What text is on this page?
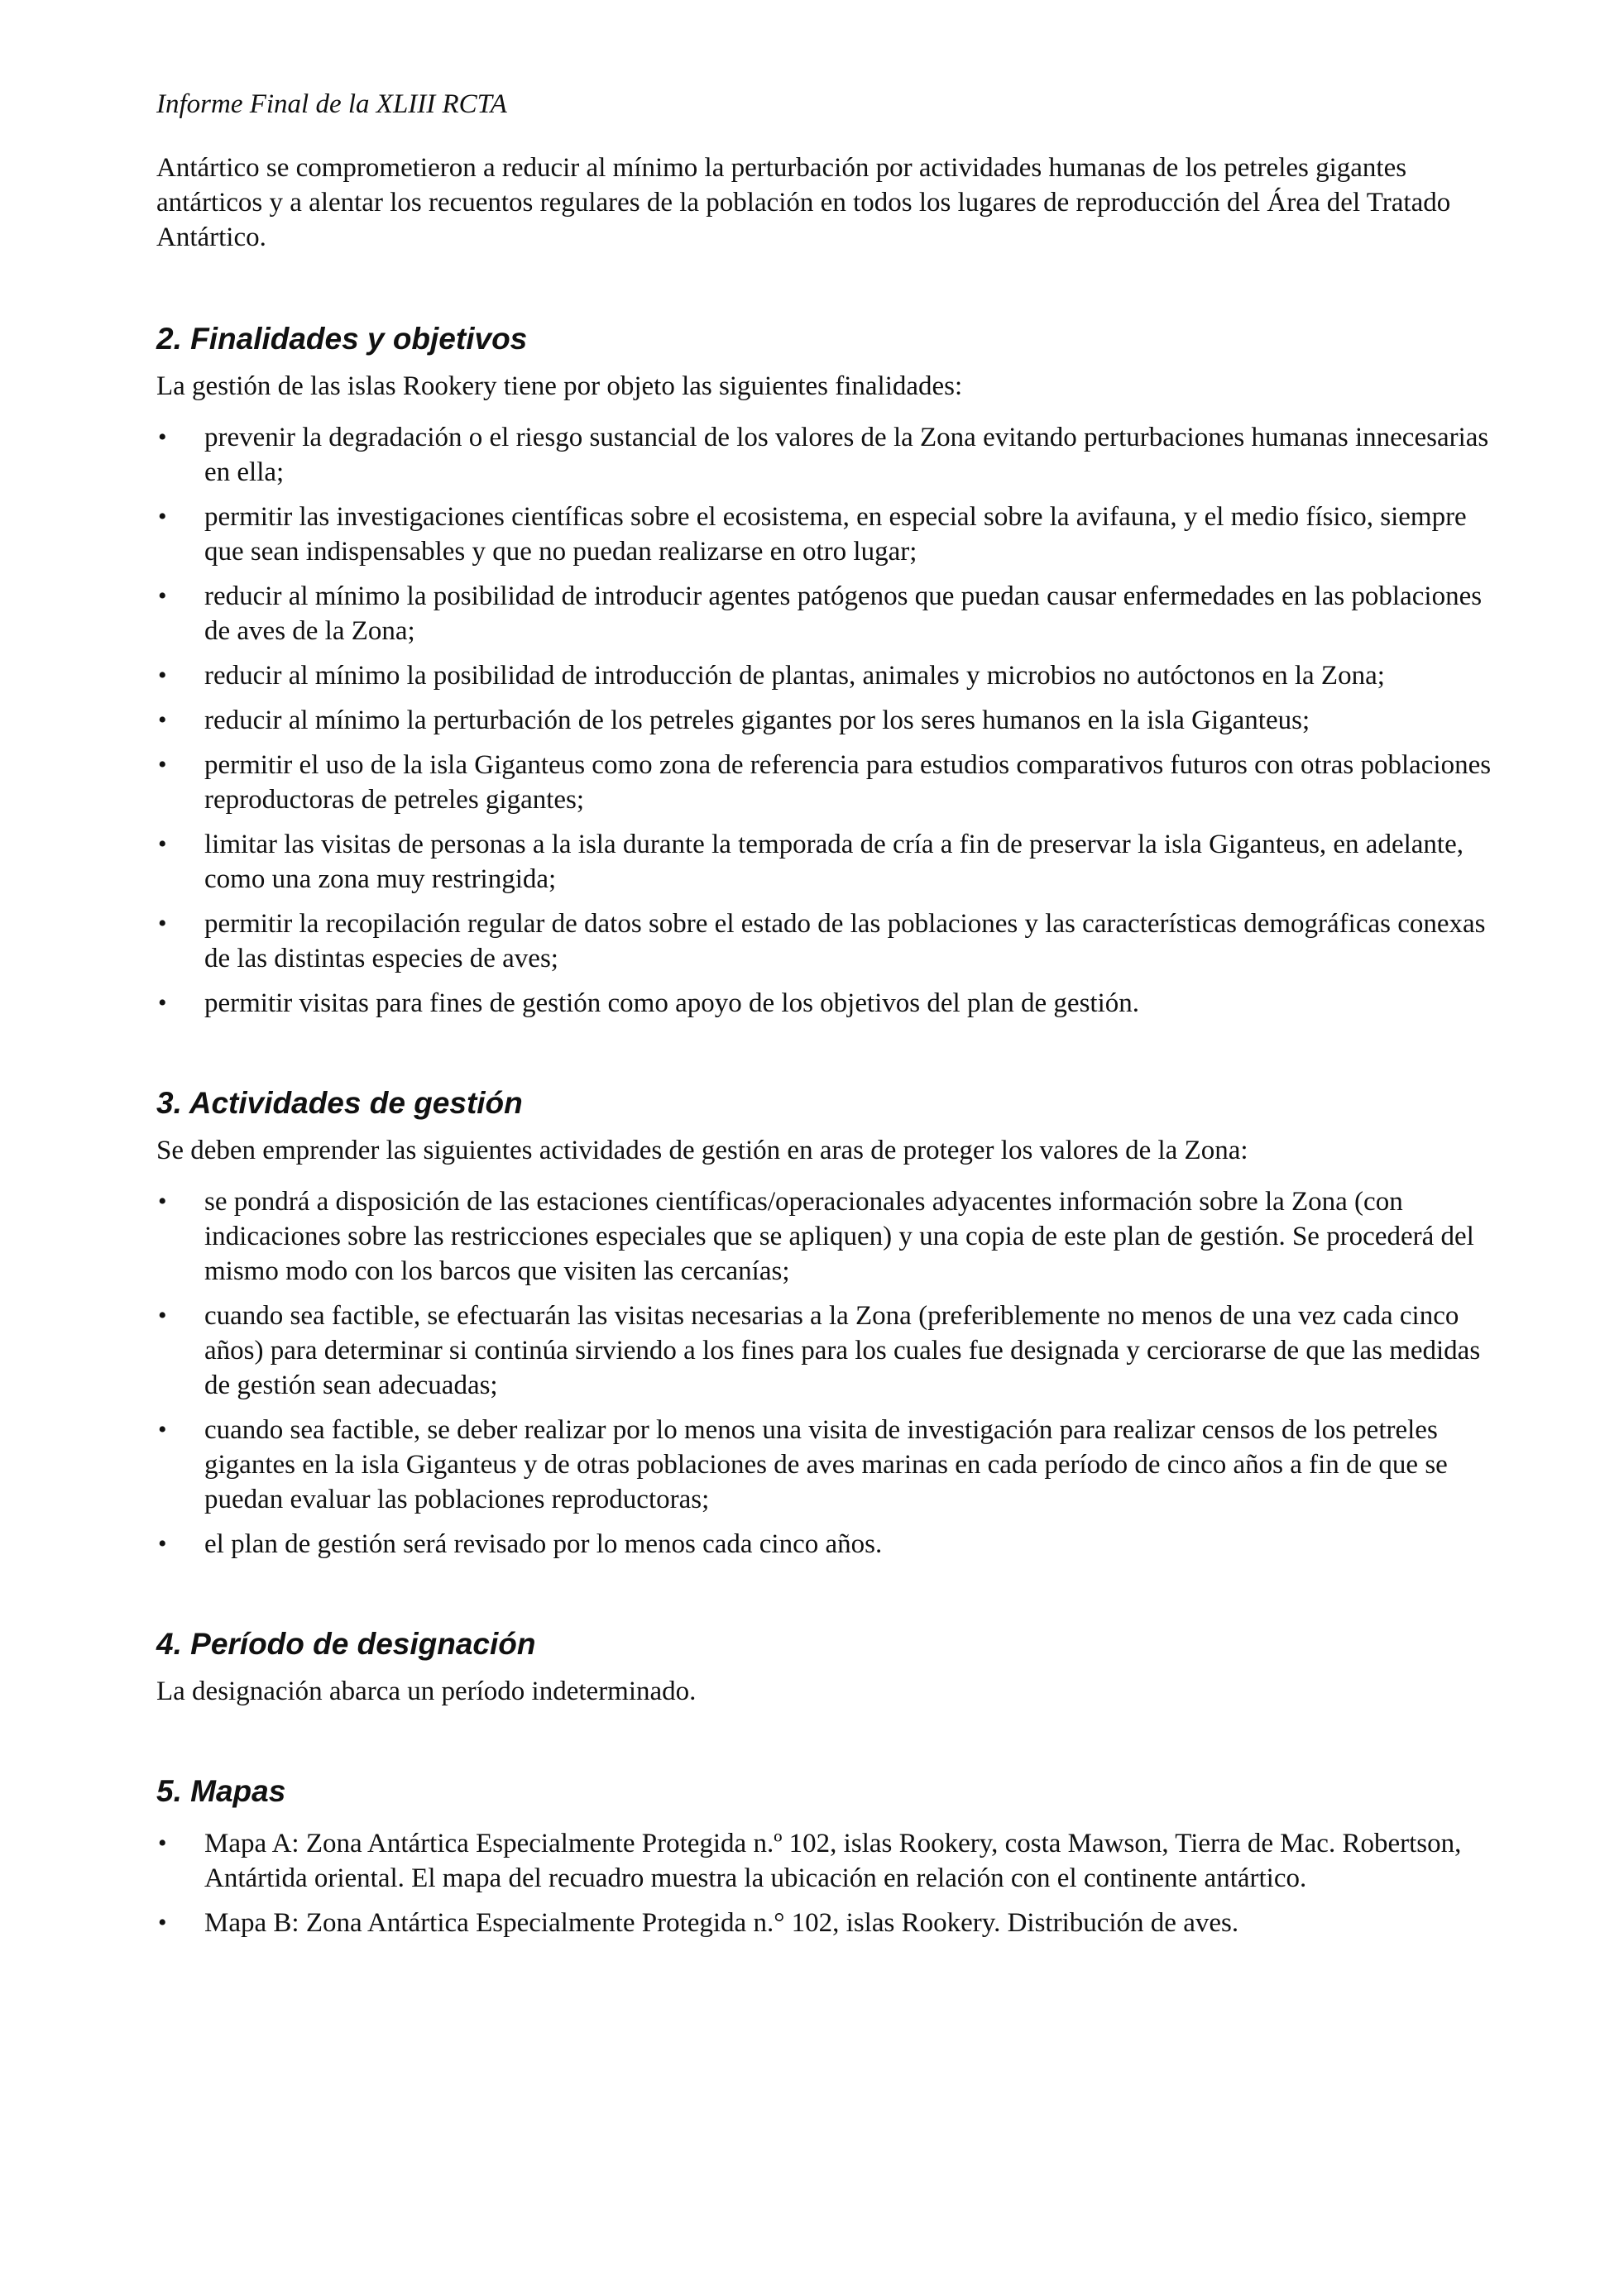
Informe Final de la XLIII RCTA

Antártico se comprometieron a reducir al mínimo la perturbación por actividades humanas de los petreles gigantes antárticos y a alentar los recuentos regulares de la población en todos los lugares de reproducción del Área del Tratado Antártico.

2. Finalidades y objetivos

La gestión de las islas Rookery tiene por objeto las siguientes finalidades:

•	prevenir la degradación o el riesgo sustancial de los valores de la Zona evitando perturbaciones humanas innecesarias en ella;
•	permitir las investigaciones científicas sobre el ecosistema, en especial sobre la avifauna, y el medio físico, siempre que sean indispensables y que no puedan realizarse en otro lugar;
•	reducir al mínimo la posibilidad de introducir agentes patógenos que puedan causar enfermedades en las poblaciones de aves de la Zona;
•	reducir al mínimo la posibilidad de introducción de plantas, animales y microbios no autóctonos en la Zona;
•	reducir al mínimo la perturbación de los petreles gigantes por los seres humanos en la isla Giganteus;
•	permitir el uso de la isla Giganteus como zona de referencia para estudios comparativos futuros con otras poblaciones reproductoras de petreles gigantes;
•	limitar las visitas de personas a la isla durante la temporada de cría a fin de preservar la isla Giganteus, en adelante, como una zona muy restringida;
•	permitir la recopilación regular de datos sobre el estado de las poblaciones y las características demográficas conexas de las distintas especies de aves;
•	permitir visitas para fines de gestión como apoyo de los objetivos del plan de gestión.
3. Actividades de gestión

Se deben emprender las siguientes actividades de gestión en aras de proteger los valores de la Zona:

•	se pondrá a disposición de las estaciones científicas/operacionales adyacentes información sobre la Zona (con indicaciones sobre las restricciones especiales que se apliquen) y una copia de este plan de gestión. Se procederá del mismo modo con los barcos que visiten las cercanías;
•	cuando sea factible, se efectuarán las visitas necesarias a la Zona (preferiblemente no menos de una vez cada cinco años) para determinar si continúa sirviendo a los fines para los cuales fue designada y cerciorarse de que las medidas de gestión sean adecuadas;
•	cuando sea factible, se deber realizar por lo menos una visita de investigación para realizar censos de los petreles gigantes en la isla Giganteus y de otras poblaciones de aves marinas en cada período de cinco años a fin de que se puedan evaluar las poblaciones reproductoras;
•	el plan de gestión será revisado por lo menos cada cinco años.
4. Período de designación

La designación abarca un período indeterminado.

5. Mapas
•	Mapa A: Zona Antártica Especialmente Protegida n.º 102, islas Rookery, costa Mawson, Tierra de Mac. Robertson, Antártida oriental. El mapa del recuadro muestra la ubicación en relación con el continente antártico.
•	Mapa B: Zona Antártica Especialmente Protegida n.° 102, islas Rookery. Distribución de aves.
